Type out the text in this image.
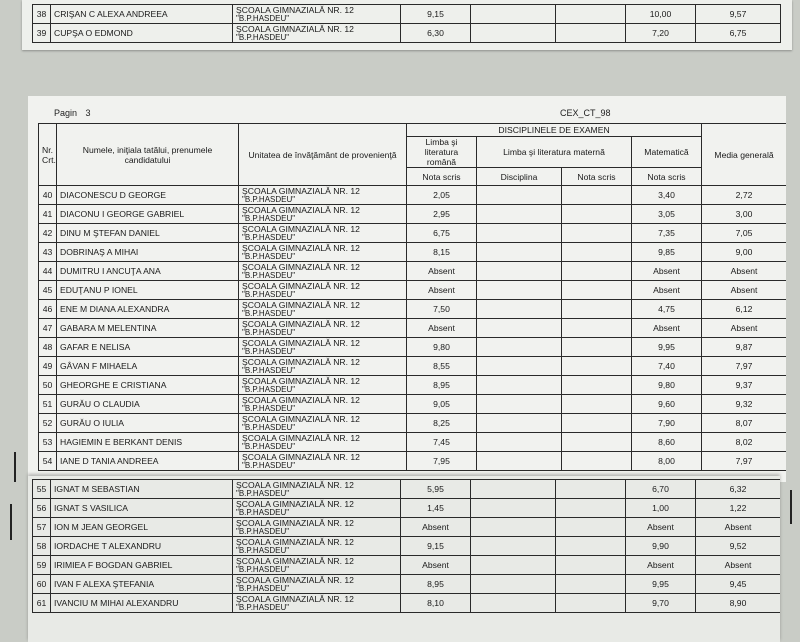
38	CRIŞAN C ALEXA ANDREEA	ŞCOALA GIMNAZIALĂ NR. 12
"B.P.HASDEU"	9,15			10,00	9,57
39	CUPŞA O EDMOND	ŞCOALA GIMNAZIALĂ NR. 12
"B.P.HASDEU"	6,30			7,20	6,75
Pagin 3	CEX_CT_98
Nr. Crt.	Numele, iniţiala tatălui, prenumele candidatului	Unitatea de învăţământ de provenienţă	DISCIPLINELE DE EXAMEN				Media generală
			Limba şi literatura română	Limba şi literatura maternă		Matematică	
			Nota scris	Disciplina	Nota scris	Nota scris	
40	DIACONESCU D GEORGE	ŞCOALA GIMNAZIALĂ NR. 12
"B.P.HASDEU"	2,05			3,40	2,72
41	DIACONU I GEORGE GABRIEL	ŞCOALA GIMNAZIALĂ NR. 12
"B.P.HASDEU"	2,95			3,05	3,00
42	DINU M ŞTEFAN DANIEL	ŞCOALA GIMNAZIALĂ NR. 12
"B.P.HASDEU"	6,75			7,35	7,05
43	DOBRINAŞ A MIHAI	ŞCOALA GIMNAZIALĂ NR. 12
"B.P.HASDEU"	8,15			9,85	9,00
44	DUMITRU I ANCUŢA ANA	ŞCOALA GIMNAZIALĂ NR. 12
"B.P.HASDEU"	Absent			Absent	Absent
45	EDUŢANU P IONEL	ŞCOALA GIMNAZIALĂ NR. 12
"B.P.HASDEU"	Absent			Absent	Absent
46	ENE M DIANA ALEXANDRA	ŞCOALA GIMNAZIALĂ NR. 12
"B.P.HASDEU"	7,50			4,75	6,12
47	GABARA M MELENTINA	ŞCOALA GIMNAZIALĂ NR. 12
"B.P.HASDEU"	Absent			Absent	Absent
48	GAFAR E NELISA	ŞCOALA GIMNAZIALĂ NR. 12
"B.P.HASDEU"	9,80			9,95	9,87
49	GÂVAN F MIHAELA	ŞCOALA GIMNAZIALĂ NR. 12
"B.P.HASDEU"	8,55			7,40	7,97
50	GHEORGHE E CRISTIANA	ŞCOALA GIMNAZIALĂ NR. 12
"B.P.HASDEU"	8,95			9,80	9,37
51	GURĂU O CLAUDIA	ŞCOALA GIMNAZIALĂ NR. 12
"B.P.HASDEU"	9,05			9,60	9,32
52	GURĂU O IULIA	ŞCOALA GIMNAZIALĂ NR. 12
"B.P.HASDEU"	8,25			7,90	8,07
53	HAGIEMIN E BERKANT DENIS	ŞCOALA GIMNAZIALĂ NR. 12
"B.P.HASDEU"	7,45			8,60	8,02
54	IANE D TANIA ANDREEA	ŞCOALA GIMNAZIALĂ NR. 12
"B.P.HASDEU"	7,95			8,00	7,97
55	IGNAT M SEBASTIAN	ŞCOALA GIMNAZIALĂ NR. 12
"B.P.HASDEU"	5,95			6,70	6,32
56	IGNAT S VASILICA	ŞCOALA GIMNAZIALĂ NR. 12
"B.P.HASDEU"	1,45			1,00	1,22
57	ION M JEAN GEORGEL	ŞCOALA GIMNAZIALĂ NR. 12
"B.P.HASDEU"	Absent			Absent	Absent
58	IORDACHE T ALEXANDRU	ŞCOALA GIMNAZIALĂ NR. 12
"B.P.HASDEU"	9,15			9,90	9,52
59	IRIMIEA F BOGDAN GABRIEL	ŞCOALA GIMNAZIALĂ NR. 12
"B.P.HASDEU"	Absent			Absent	Absent
60	IVAN F ALEXA ŞTEFANIA	ŞCOALA GIMNAZIALĂ NR. 12
"B.P.HASDEU"	8,95			9,95	9,45
61	IVANCIU M MIHAI ALEXANDRU	ŞCOALA GIMNAZIALĂ NR. 12
"B.P.HASDEU"	8,10			9,70	8,90
